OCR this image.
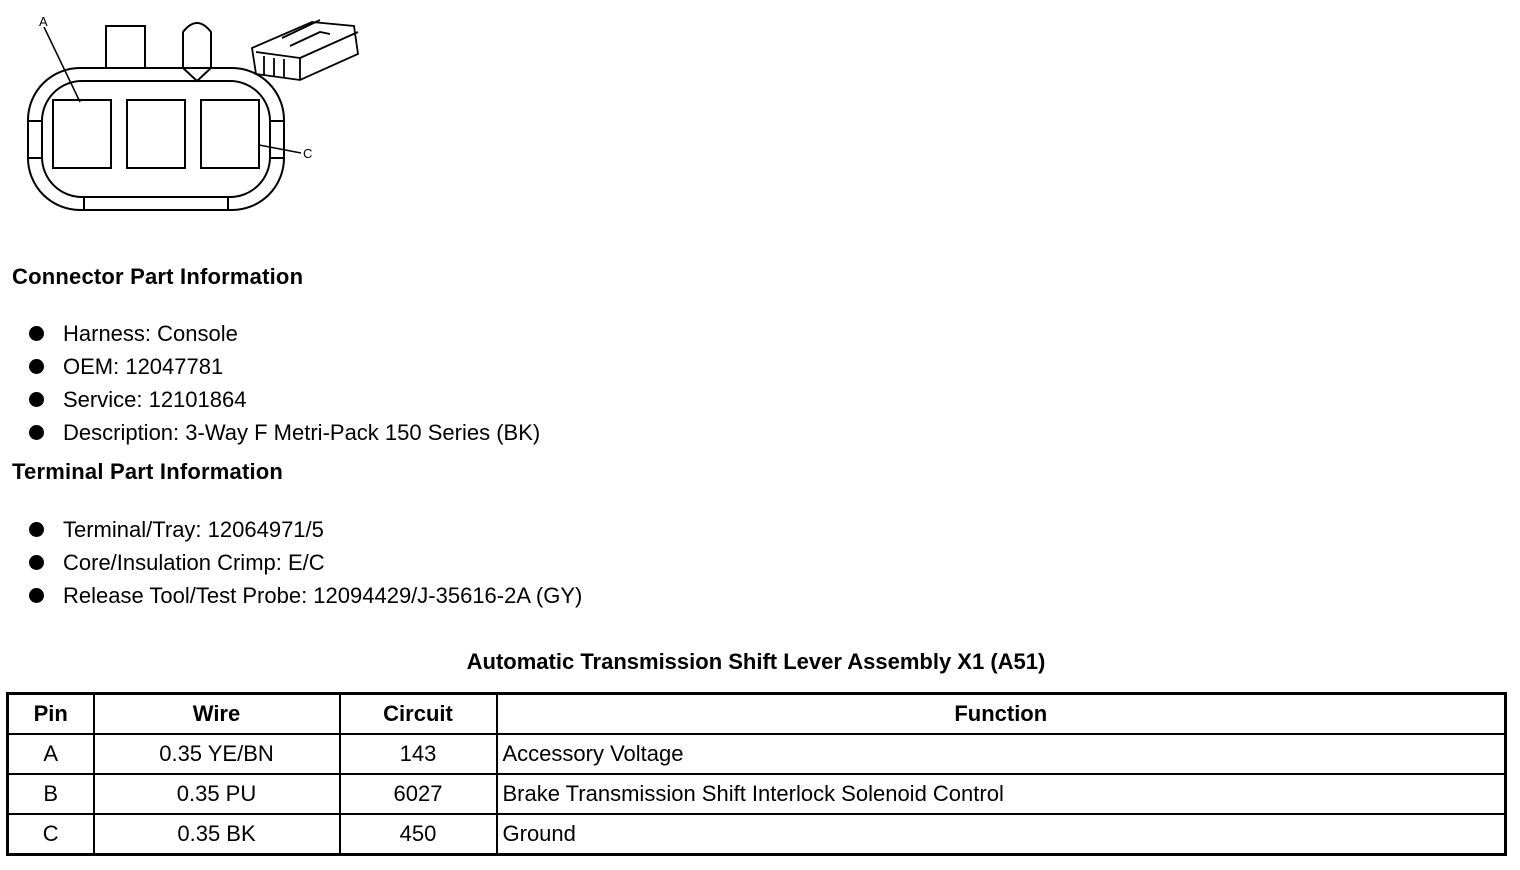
A
C
Connector Part Information
Harness: Console
OEM: 12047781
Service: 12101864
Description: 3-Way F Metri-Pack 150 Series (BK)
Terminal Part Information
Terminal/Tray: 12064971/5
Core/Insulation Crimp: E/C
Release Tool/Test Probe: 12094429/J-35616-2A (GY)
Automatic Transmission Shift Lever Assembly X1 (A51)
Pin	Wire	Circuit	Function
A	0.35 YE/BN	143	Accessory Voltage
B	0.35 PU	6027	Brake Transmission Shift Interlock Solenoid Control
C	0.35 BK	450	Ground
